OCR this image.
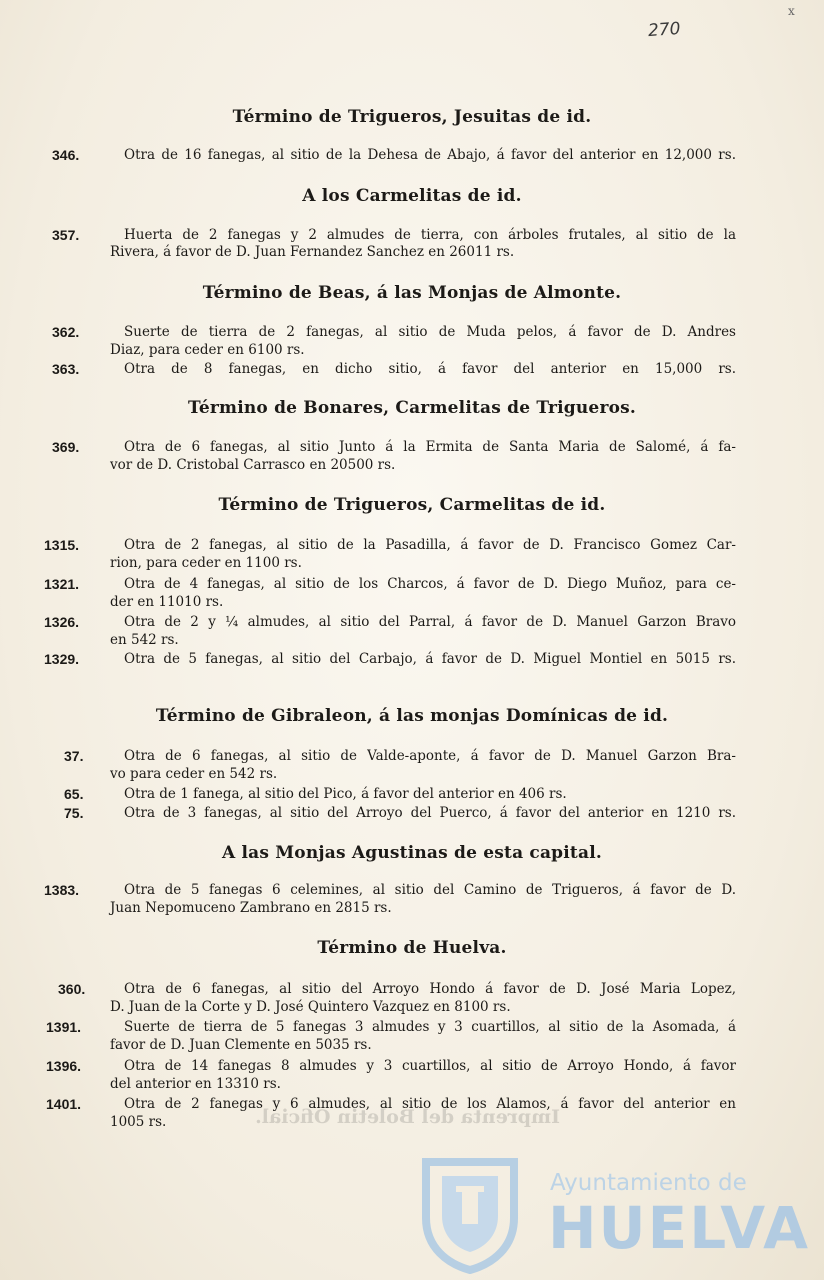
x
270
Término de Trigueros, Jesuitas de id.
A los Carmelitas de id.
Término de Beas, á las Monjas de Almonte.
Término de Bonares, Carmelitas de Trigueros.
Término de Trigueros, Carmelitas de id.
Término de Gibraleon, á las monjas Domínicas de id.
A las Monjas Agustinas de esta capital.
Término de Huelva.
346.	Otra de 16 fanegas, al sitio de la Dehesa de Abajo, á favor del anterior en 12,000 rs.
357.	Huerta de 2 fanegas y 2 almudes de tierra, con árboles frutales, al sitio de la
Rivera, á favor de D. Juan Fernandez Sanchez en 26011 rs.
362.	Suerte de tierra de 2 fanegas, al sitio de Muda pelos, á favor de D. Andres
Diaz, para ceder en 6100 rs.
363.	Otra de 8 fanegas, en dicho sitio, á favor del anterior en 15,000 rs.
369.	Otra de 6 fanegas, al sitio Junto á la Ermita de Santa Maria de Salomé, á fa-
vor de D. Cristobal Carrasco en 20500 rs.
1315.	Otra de 2 fanegas, al sitio de la Pasadilla, á favor de D. Francisco Gomez Car-
rion, para ceder en 1100 rs.
1321.	Otra de 4 fanegas, al sitio de los Charcos, á favor de D. Diego Muñoz, para ce-
der en 11010 rs.
1326.	Otra de 2 y ¼ almudes, al sitio del Parral, á favor de D. Manuel Garzon Bravo
en 542 rs.
1329.	Otra de 5 fanegas, al sitio del Carbajo, á favor de D. Miguel Montiel en 5015 rs.
37.	Otra de 6 fanegas, al sitio de Valde-aponte, á favor de D. Manuel Garzon Bra-
vo para ceder en 542 rs.
65.	Otra de 1 fanega, al sitio del Pico, á favor del anterior en 406 rs.
75.	Otra de 3 fanegas, al sitio del Arroyo del Puerco, á favor del anterior en 1210 rs.
1383.	Otra de 5 fanegas 6 celemines, al sitio del Camino de Trigueros, á favor de D.
Juan Nepomuceno Zambrano en 2815 rs.
360.	Otra de 6 fanegas, al sitio del Arroyo Hondo á favor de D. José Maria Lopez,
D. Juan de la Corte y D. José Quintero Vazquez en 8100 rs.
1391.	Suerte de tierra de 5 fanegas 3 almudes y 3 cuartillos, al sitio de la Asomada, á
favor de D. Juan Clemente en 5035 rs.
1396.	Otra de 14 fanegas 8 almudes y 3 cuartillos, al sitio de Arroyo Hondo, á favor
del anterior en 13310 rs.
1401.	Otra de 2 fanegas y 6 almudes, al sitio de los Alamos, á favor del anterior en
1005 rs.	Imprenta del Boletin Oficial.
Ayuntamiento de
HUELVA
